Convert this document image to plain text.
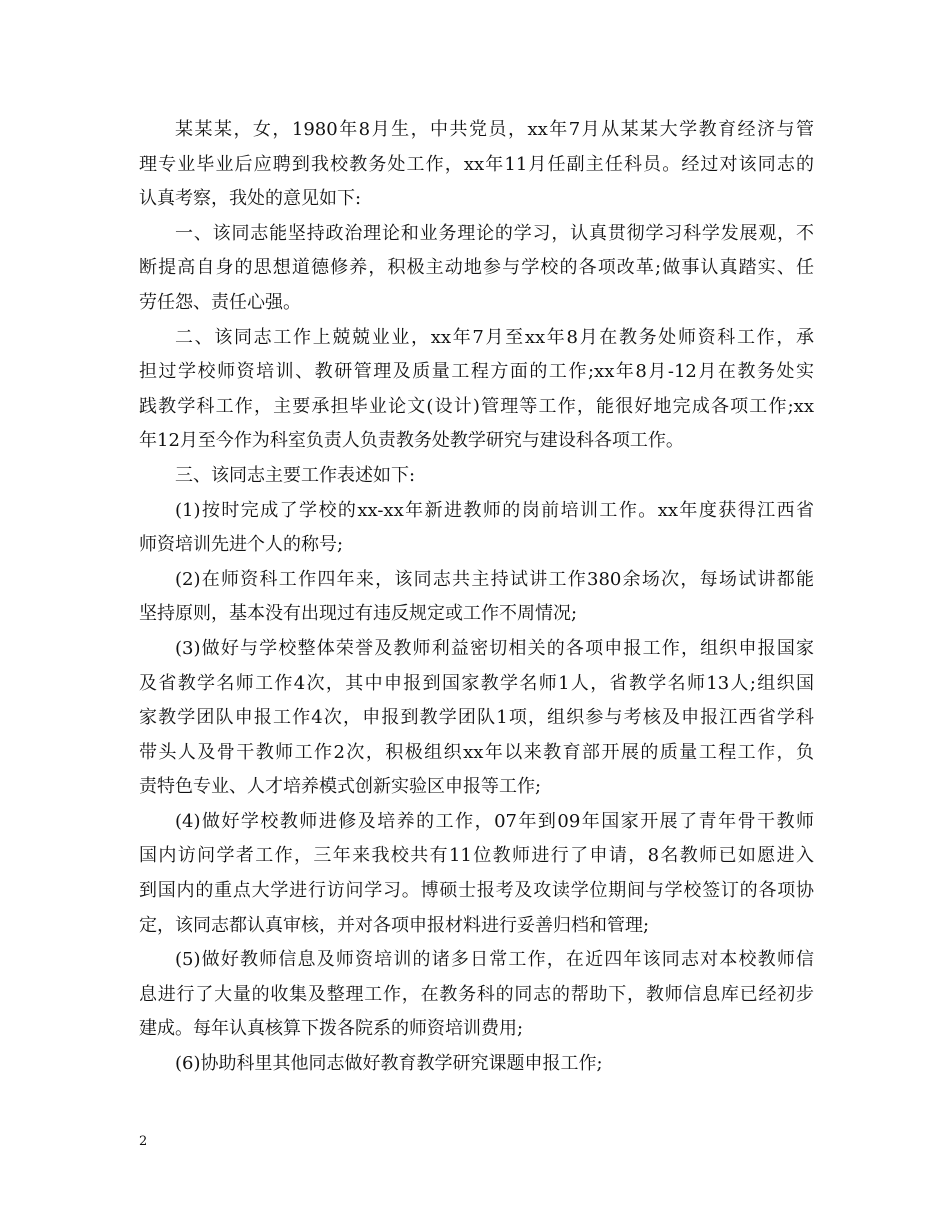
某某某，女，1980年8月生，中共党员，xx年7月从某某大学教育经济与管
理专业毕业后应聘到我校教务处工作，xx年11月任副主任科员。经过对该同志的
认真考察，我处的意见如下:
一、该同志能坚持政治理论和业务理论的学习，认真贯彻学习科学发展观，不
断提高自身的思想道德修养，积极主动地参与学校的各项改革;做事认真踏实、任
劳任怨、责任心强。
二、该同志工作上兢兢业业，xx年7月至xx年8月在教务处师资科工作，承
担过学校师资培训、教研管理及质量工程方面的工作;xx年8月-12月在教务处实
践教学科工作，主要承担毕业论文(设计)管理等工作，能很好地完成各项工作;xx
年12月至今作为科室负责人负责教务处教学研究与建设科各项工作。
三、该同志主要工作表述如下:
(1)按时完成了学校的xx-xx年新进教师的岗前培训工作。xx年度获得江西省
师资培训先进个人的称号;
(2)在师资科工作四年来，该同志共主持试讲工作380余场次，每场试讲都能
坚持原则，基本没有出现过有违反规定或工作不周情况;
(3)做好与学校整体荣誉及教师利益密切相关的各项申报工作，组织申报国家
及省教学名师工作4次，其中申报到国家教学名师1人，省教学名师13人;组织国
家教学团队申报工作4次，申报到教学团队1项，组织参与考核及申报江西省学科
带头人及骨干教师工作2次，积极组织xx年以来教育部开展的质量工程工作，负
责特色专业、人才培养模式创新实验区申报等工作;
(4)做好学校教师进修及培养的工作，07年到09年国家开展了青年骨干教师
国内访问学者工作，三年来我校共有11位教师进行了申请，8名教师已如愿进入
到国内的重点大学进行访问学习。博硕士报考及攻读学位期间与学校签订的各项协
定，该同志都认真审核，并对各项申报材料进行妥善归档和管理;
(5)做好教师信息及师资培训的诸多日常工作，在近四年该同志对本校教师信
息进行了大量的收集及整理工作，在教务科的同志的帮助下，教师信息库已经初步
建成。每年认真核算下拨各院系的师资培训费用;
(6)协助科里其他同志做好教育教学研究课题申报工作;
2
